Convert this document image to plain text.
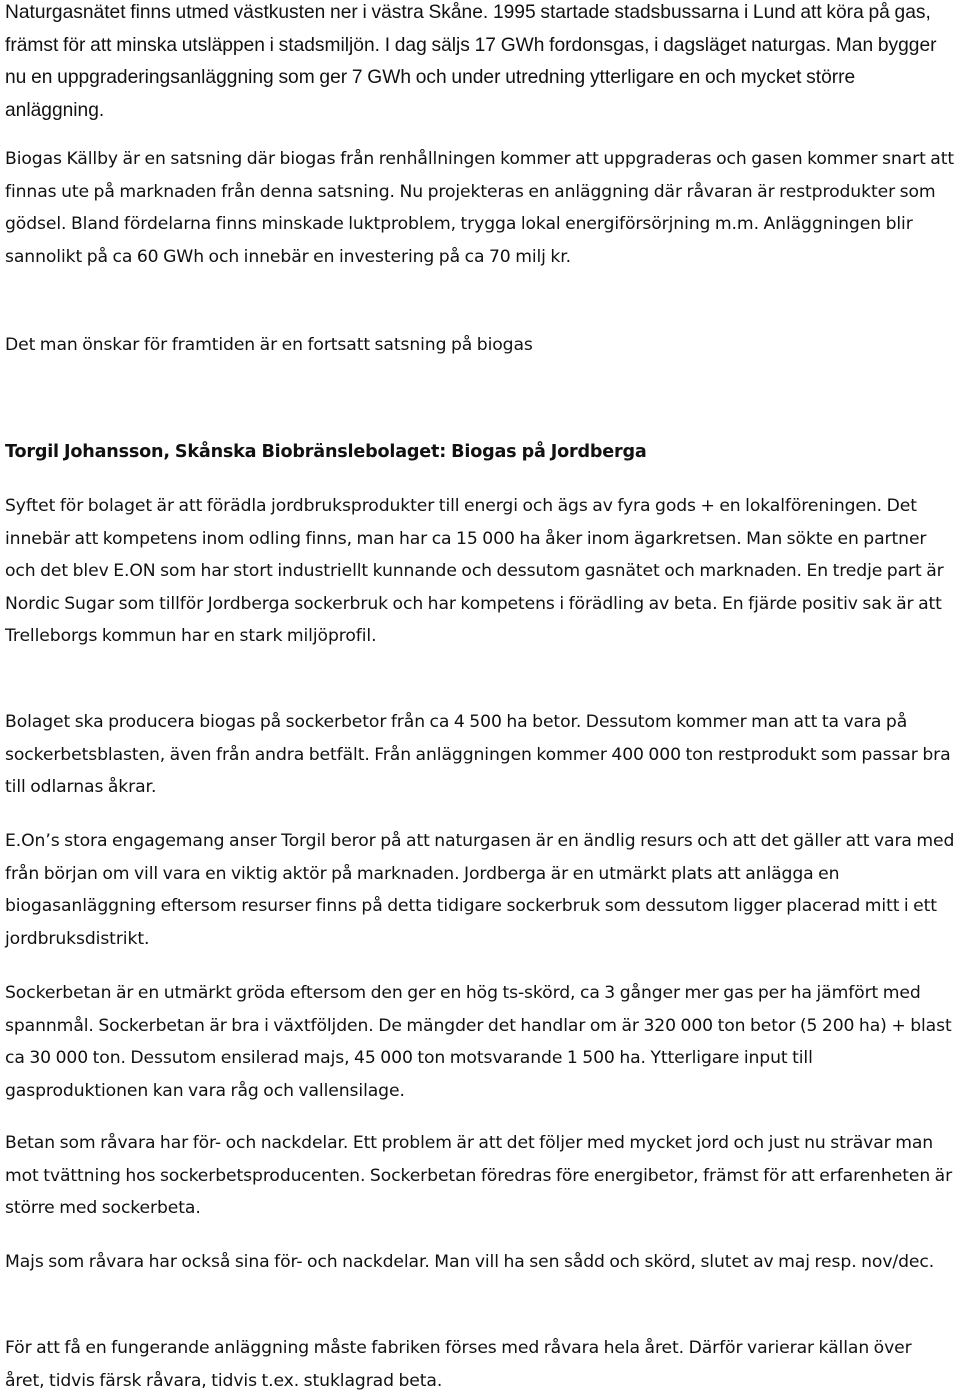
Naturgasnätet finns utmed västkusten ner i västra Skåne. 1995 startade stadsbussarna i Lund att köra på gas, främst för att minska utsläppen i stadsmiljön. I dag säljs 17 GWh fordonsgas, i dagsläget naturgas. Man bygger nu en uppgraderingsanläggning som ger 7 GWh och under utredning ytterligare en och mycket större anläggning.

Biogas Källby är en satsning där biogas från renhållningen kommer att uppgraderas och gasen kommer snart att finnas ute på marknaden från denna satsning. Nu projekteras en anläggning där råvaran är restprodukter som gödsel. Bland fördelarna finns minskade luktproblem, trygga lokal energiförsörjning m.m. Anläggningen blir sannolikt på ca 60 GWh och innebär en investering på ca 70 milj kr.

Det man önskar för framtiden är en fortsatt satsning på biogas

Torgil Johansson, Skånska Biobränslebolaget: Biogas på Jordberga

Syftet för bolaget är att förädla jordbruksprodukter till energi och ägs av fyra gods + en lokalföreningen. Det innebär att kompetens inom odling finns, man har ca 15 000 ha åker inom ägarkretsen. Man sökte en partner och det blev E.ON som har stort industriellt kunnande och dessutom gasnätet och marknaden. En tredje part är Nordic Sugar som tillför Jordberga sockerbruk och har kompetens i förädling av beta. En fjärde positiv sak är att Trelleborgs kommun har en stark miljöprofil.

Bolaget ska producera biogas på sockerbetor från ca 4 500 ha betor. Dessutom kommer man att ta vara på sockerbetsblasten, även från andra betfält. Från anläggningen kommer 400 000 ton restprodukt som passar bra till odlarnas åkrar.

E.On’s stora engagemang anser Torgil beror på att naturgasen är en ändlig resurs och att det gäller att vara med från början om vill vara en viktig aktör på marknaden. Jordberga är en utmärkt plats att anlägga en biogasanläggning eftersom resurser finns på detta tidigare sockerbruk som dessutom ligger placerad mitt i ett jordbruksdistrikt.

Sockerbetan är en utmärkt gröda eftersom den ger en hög ts-skörd, ca 3 gånger mer gas per ha jämfört med spannmål. Sockerbetan är bra i växtföljden. De mängder det handlar om är 320 000 ton betor (5 200 ha) + blast ca 30 000 ton. Dessutom ensilerad majs, 45 000 ton motsvarande 1 500 ha. Ytterligare input till gasproduktionen kan vara råg och vallensilage.

Betan som råvara har för- och nackdelar. Ett problem är att det följer med mycket jord och just nu strävar man mot tvättning hos sockerbetsproducenten. Sockerbetan föredras före energibetor, främst för att erfarenheten är större med sockerbeta.

Majs som råvara har också sina för- och nackdelar. Man vill ha sen sådd och skörd, slutet av maj resp. nov/dec.

För att få en fungerande anläggning måste fabriken förses med råvara hela året. Därför varierar källan över året, tidvis färsk råvara, tidvis t.ex. stuklagrad beta.
